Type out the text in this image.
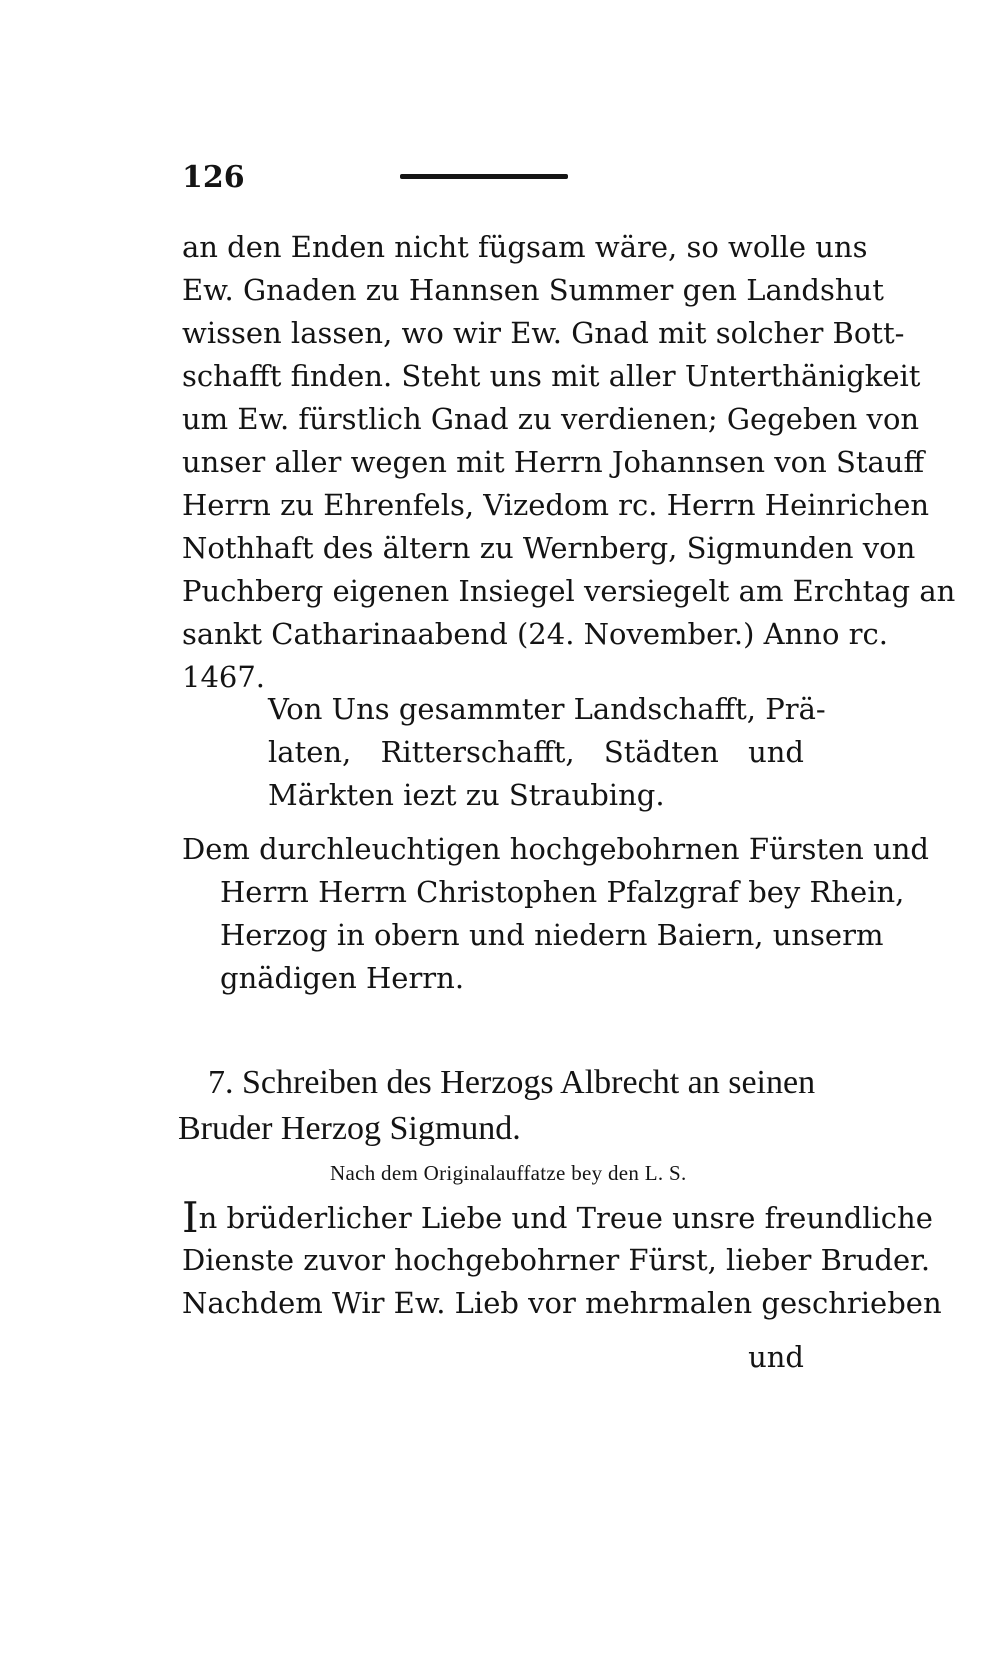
126
an den Enden nicht fügsam wäre, so wolle uns
Ew. Gnaden zu Hannsen Summer gen Landshut
wissen lassen, wo wir Ew. Gnad mit solcher Bott-
schafft finden. Steht uns mit aller Unterthänigkeit
um Ew. fürstlich Gnad zu verdienen; Gegeben von
unser aller wegen mit Herrn Johannsen von Stauff
Herrn zu Ehrenfels, Vizedom rc. Herrn Heinrichen
Nothhaft des ältern zu Wernberg, Sigmunden von
Puchberg eigenen Insiegel versiegelt am Erchtag an
sankt Catharinaabend (24. November.) Anno rc.
1467.
Von Uns gesammter Landschafft, Prä-
laten, Ritterschafft, Städten und
Märkten iezt zu Straubing.
Dem durchleuchtigen hochgebohrnen Fürsten und
Herrn Herrn Christophen Pfalzgraf bey Rhein,
Herzog in obern und niedern Baiern, unserm
gnädigen Herrn.
7. Schreiben des Herzogs Albrecht an seinen
Bruder Herzog Sigmund.
Nach dem Originalauffatze bey den L. S.
In brüderlicher Liebe und Treue unsre freundliche
Dienste zuvor hochgebohrner Fürst, lieber Bruder.
Nachdem Wir Ew. Lieb vor mehrmalen geschrieben
und
